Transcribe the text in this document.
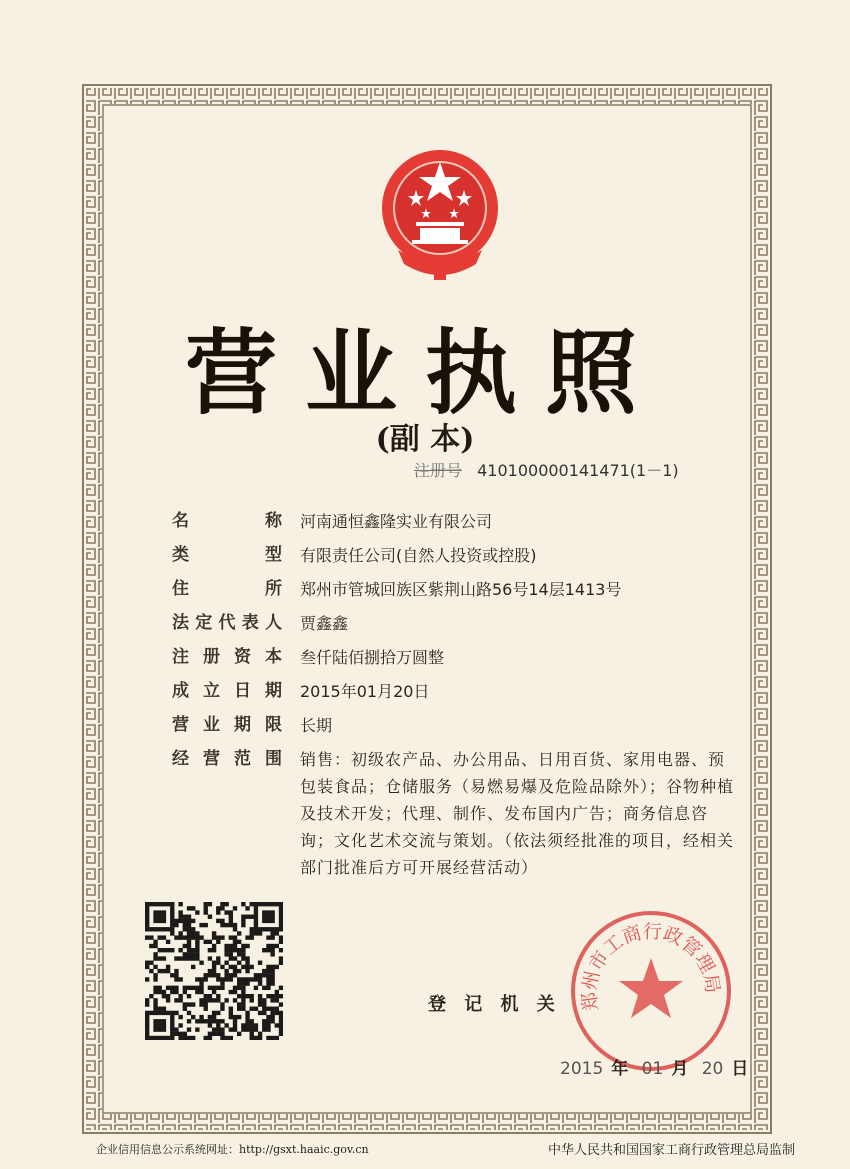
营业执照
(副 本)
注册号 410100000141471(1－1)
名 称 河南通恒鑫隆实业有限公司
类 型 有限责任公司(自然人投资或控股)
住 所 郑州市管城回族区紫荆山路56号14层1413号
法定代表人 贾鑫鑫
注册资本 叁仟陆佰捌拾万圆整
成立日期 2015年01月20日
营业期限 长期
经营范围 销售：初级农产品、办公用品、日用百货、家用电器、预包装食品；仓储服务（易燃易爆及危险品除外）；谷物种植及技术开发；代理、制作、发布国内广告；商务信息咨询；文化艺术交流与策划。（依法须经批准的项目，经相关部门批准后方可开展经营活动）
登 记 机 关 郑州市工商行政管理局
2015 年 01 月 20 日
企业信用信息公示系统网址：http://gsxt.haaic.gov.cn	中华人民共和国国家工商行政管理总局监制
